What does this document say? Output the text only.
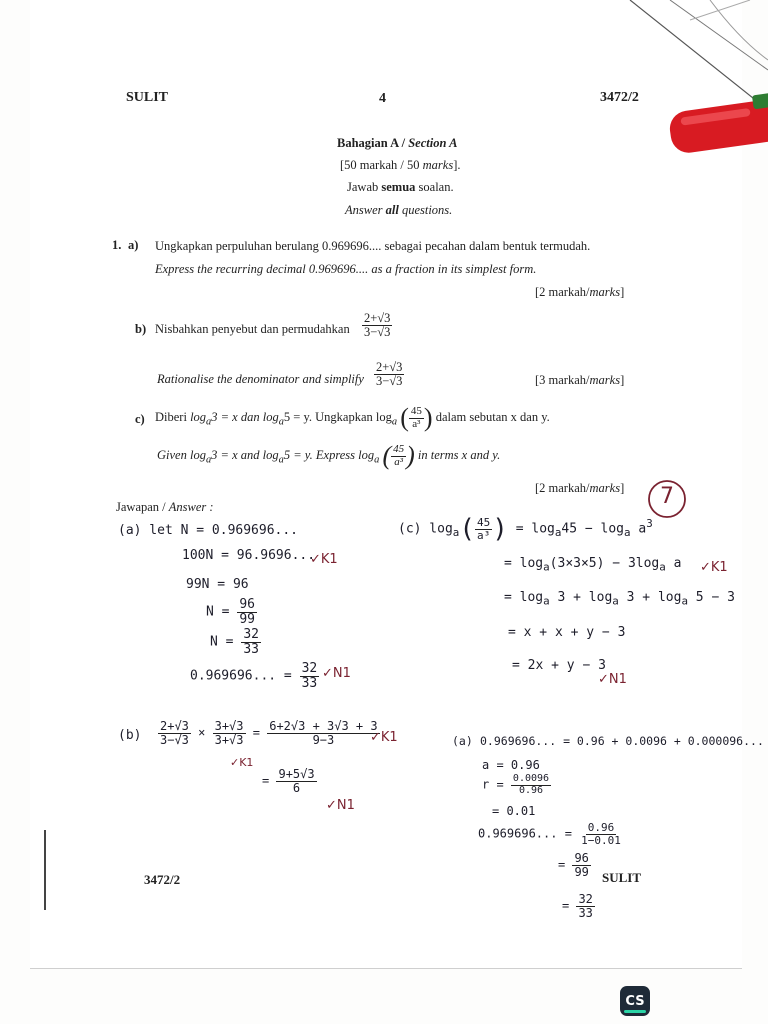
SULIT	4	3472/2
Bahagian A / Section A
[50 markah / 50 marks].
Jawab semua soalan.
Answer all questions.
1. a) Ungkapkan perpuluhan berulang 0.969696.... sebagai pecahan dalam bentuk termudah.
Express the recurring decimal 0.969696.... as a fraction in its simplest form.
[2 markah/marks]
b) Nisbahkan penyebut dan permudahkan $\frac{2+√3}{3-√3}$
Rationalise the denominator and simplify $\frac{2+√3}{3-√3}$	[3 markah/marks]
c) Diberi $\log_a3 = x$ dan $\log_a5 = y$. Ungkapkan $\log_a$ ( $\frac{45}{\text{a³}}$ ) dalam sebutan x dan y.
Given $\log_a3 = x$ and $\log_a5 = y$. Express $\log_a$ ( $\frac{45}{\text{a³}}$ ) in terms x and y.
[2 markah/marks]
Jawapan / Answer :	7
(a) let N = 0.969696...
100N = 96.9696...
✓K1
99N = 96
$N = \frac{96}{99}$
$N = \frac{32}{33}$
0.969696... = $\frac{32}{33}$ ✓N1
(c) $\log_a( \frac{45}{\text{a³}}$ ) = $\log_a45 - \log_a a^3$
= $\log_a(3\times 3\times 5) - 3\log_a$ a ✓K1
= $\log_a 3 + \log_a 3 + \log_a 5 - 3$
= x + x + y − 3
= 2x + y − 3
✓N1
$(b) \frac{2+√3}{3-√3} \times \frac{3+√3}{3+√3} = \frac{6+2√3 + 3√3 + 3}{9-3}$
✓K1
✓K1
= $\frac{9+5√3}{6}$
✓N1
(a) 0.969696... = 0.96 + 0.0096 + 0.000096...
a = 0.96
$r = \frac{0.0096}{0.96}$
= 0.01
0.969696... = $\frac{0.96}{1-0.01}$
= $\frac{96}{99}$
= $\frac{32}{33}$
3472/2	SULIT
CS
